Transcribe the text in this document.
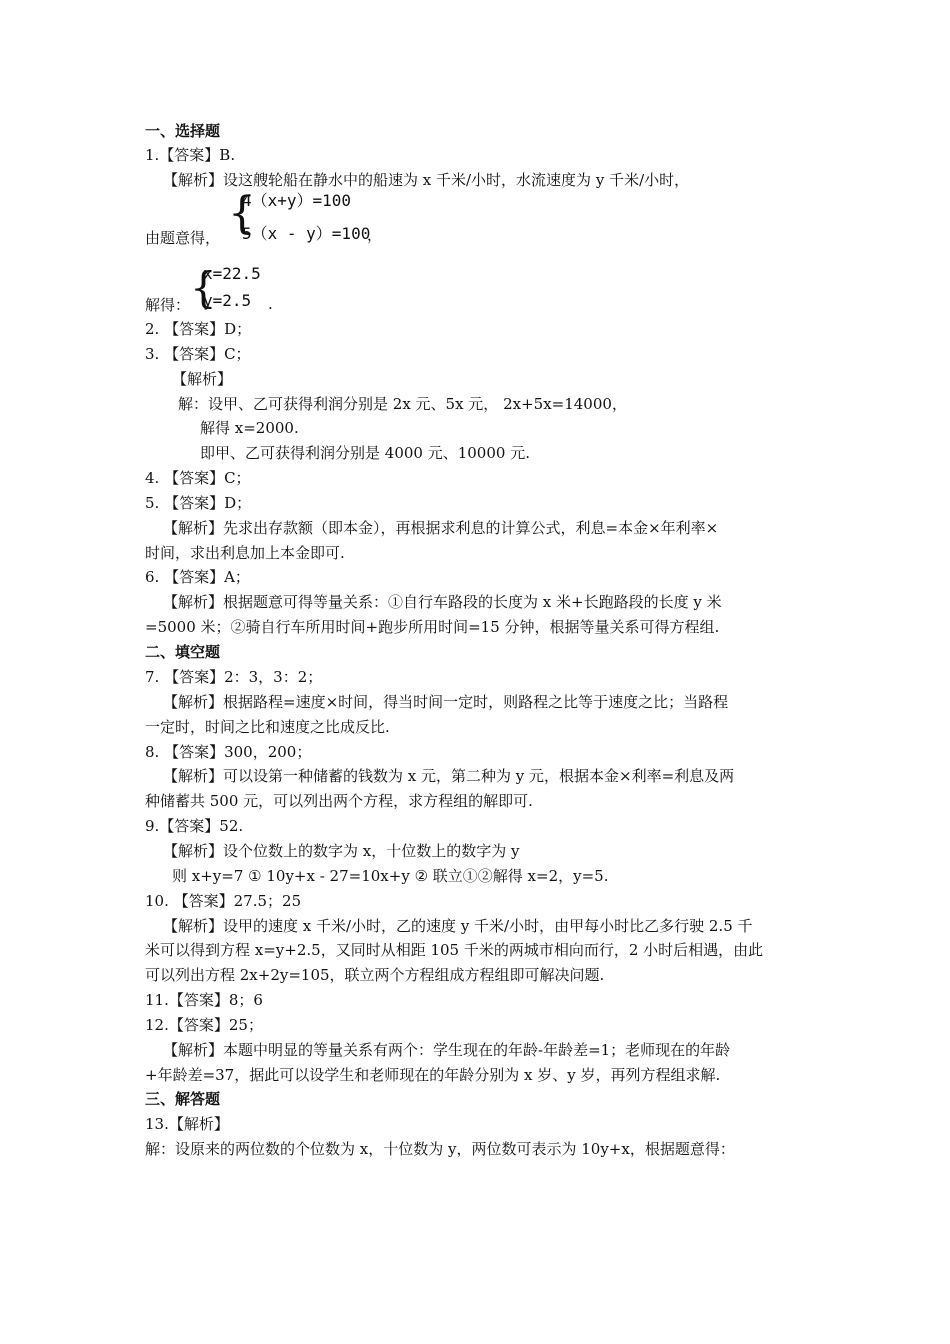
一、选择题
1.【答案】B.
【解析】设这艘轮船在静水中的船速为 x 千米/小时，水流速度为 y 千米/小时，
由题意得， {
4（x+y）=100
5（x - y）=100
，
解得： {
x=22.5
y=2.5 .
2. 【答案】D；
3. 【答案】C；
【解析】
解：设甲、乙可获得利润分别是 2x 元、5x 元， 2x+5x=14000，
解得 x=2000.
即甲、乙可获得利润分别是 4000 元、10000 元.
4. 【答案】C；
5. 【答案】D；
【解析】先求出存款额（即本金），再根据求利息的计算公式，利息=本金×年利率×
时间，求出利息加上本金即可.
6. 【答案】A；
【解析】根据题意可得等量关系：①自行车路段的长度为 x 米+长跑路段的长度 y 米
=5000 米；②骑自行车所用时间+跑步所用时间=15 分钟，根据等量关系可得方程组.
二、填空题
7. 【答案】2：3，3：2；
【解析】根据路程=速度×时间，得当时间一定时，则路程之比等于速度之比；当路程
一定时，时间之比和速度之比成反比.
8. 【答案】300，200；
【解析】可以设第一种储蓄的钱数为 x 元，第二种为 y 元，根据本金×利率=利息及两
种储蓄共 500 元，可以列出两个方程，求方程组的解即可.
9.【答案】52.
【解析】设个位数上的数字为 x，十位数上的数字为 y
则 x+y=7 ① 10y+x - 27=10x+y ② 联立①②解得 x=2，y=5.
10. 【答案】27.5；25
【解析】设甲的速度 x 千米/小时，乙的速度 y 千米/小时，由甲每小时比乙多行驶 2.5 千
米可以得到方程 x=y+2.5，又同时从相距 105 千米的两城市相向而行，2 小时后相遇，由此
可以列出方程 2x+2y=105，联立两个方程组成方程组即可解决问题.
11.【答案】8；6
12.【答案】25；
【解析】本题中明显的等量关系有两个：学生现在的年龄-年龄差=1；老师现在的年龄
+年龄差=37，据此可以设学生和老师现在的年龄分别为 x 岁、y 岁，再列方程组求解.
三、解答题
13.【解析】
解：设原来的两位数的个位数为 x，十位数为 y，两位数可表示为 10y+x，根据题意得：
